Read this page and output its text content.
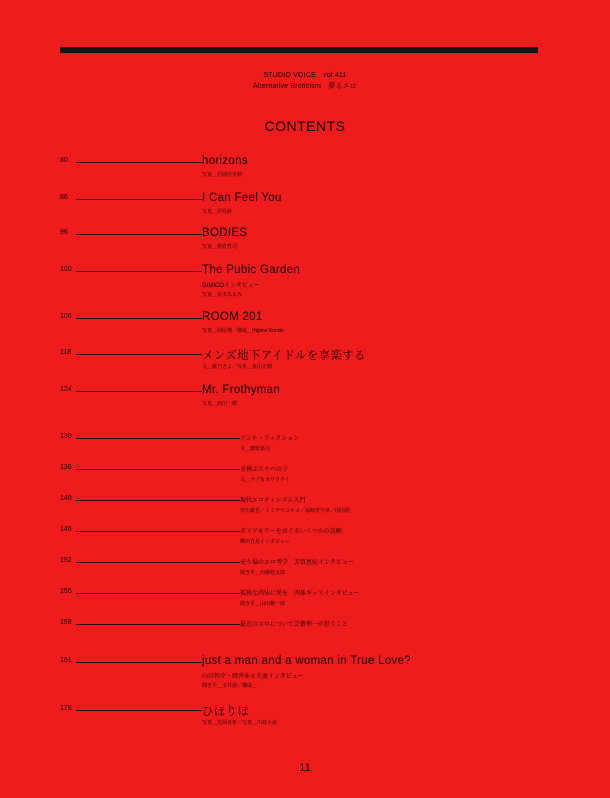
STUDIO VOICE　vol.411
Alternative Eroticism　夢るエロ
CONTENTS
80	horizons
写真＿岩岡佳里利
86	I Can Feel You
写真＿伊丹鈴
96	BODIES
写真＿猪倉哲司
100	The Pubic Garden
GIMICOインタビュー
写真＿荒木なるみ
106	ROOM 201
写真＿岡原翔／構成＿Hajime Kondo
118	メンズ地下アイドルを享楽する
文＿羅乃さよ／写真＿並山正樹
124	Mr. Frothyman
写真＿西川一樹
130	アンチ・フィクション
文＿濃野嘉司
136	全裸ぷスケベの子
文＿ラブ＆カワウチイ
140	現代エロティシズム入門
宮川雄吾／トミヤマユキコ／福崎孝宇章／国図語
146	ポリアモリーをめぐるいくつかの誤解
柳田直見インタビュー
152	売り場のエロ考学　芳賀恵紀インタビュー
聞き手＿内藤悠太郎
156	孤独な肉体に愛を　肉体ギッスインタビュー
聞き手＿山田穣一郎
158	最近のエロについて芸藝華一が思うこと
161	just a man and a woman in True Love?
山田智介・岡井ゆえ夫妻インタビュー
聞き手＿玉井創／構成＿
178	ひほりほ
写真＿光岡真希／写真＿川島小島
11
